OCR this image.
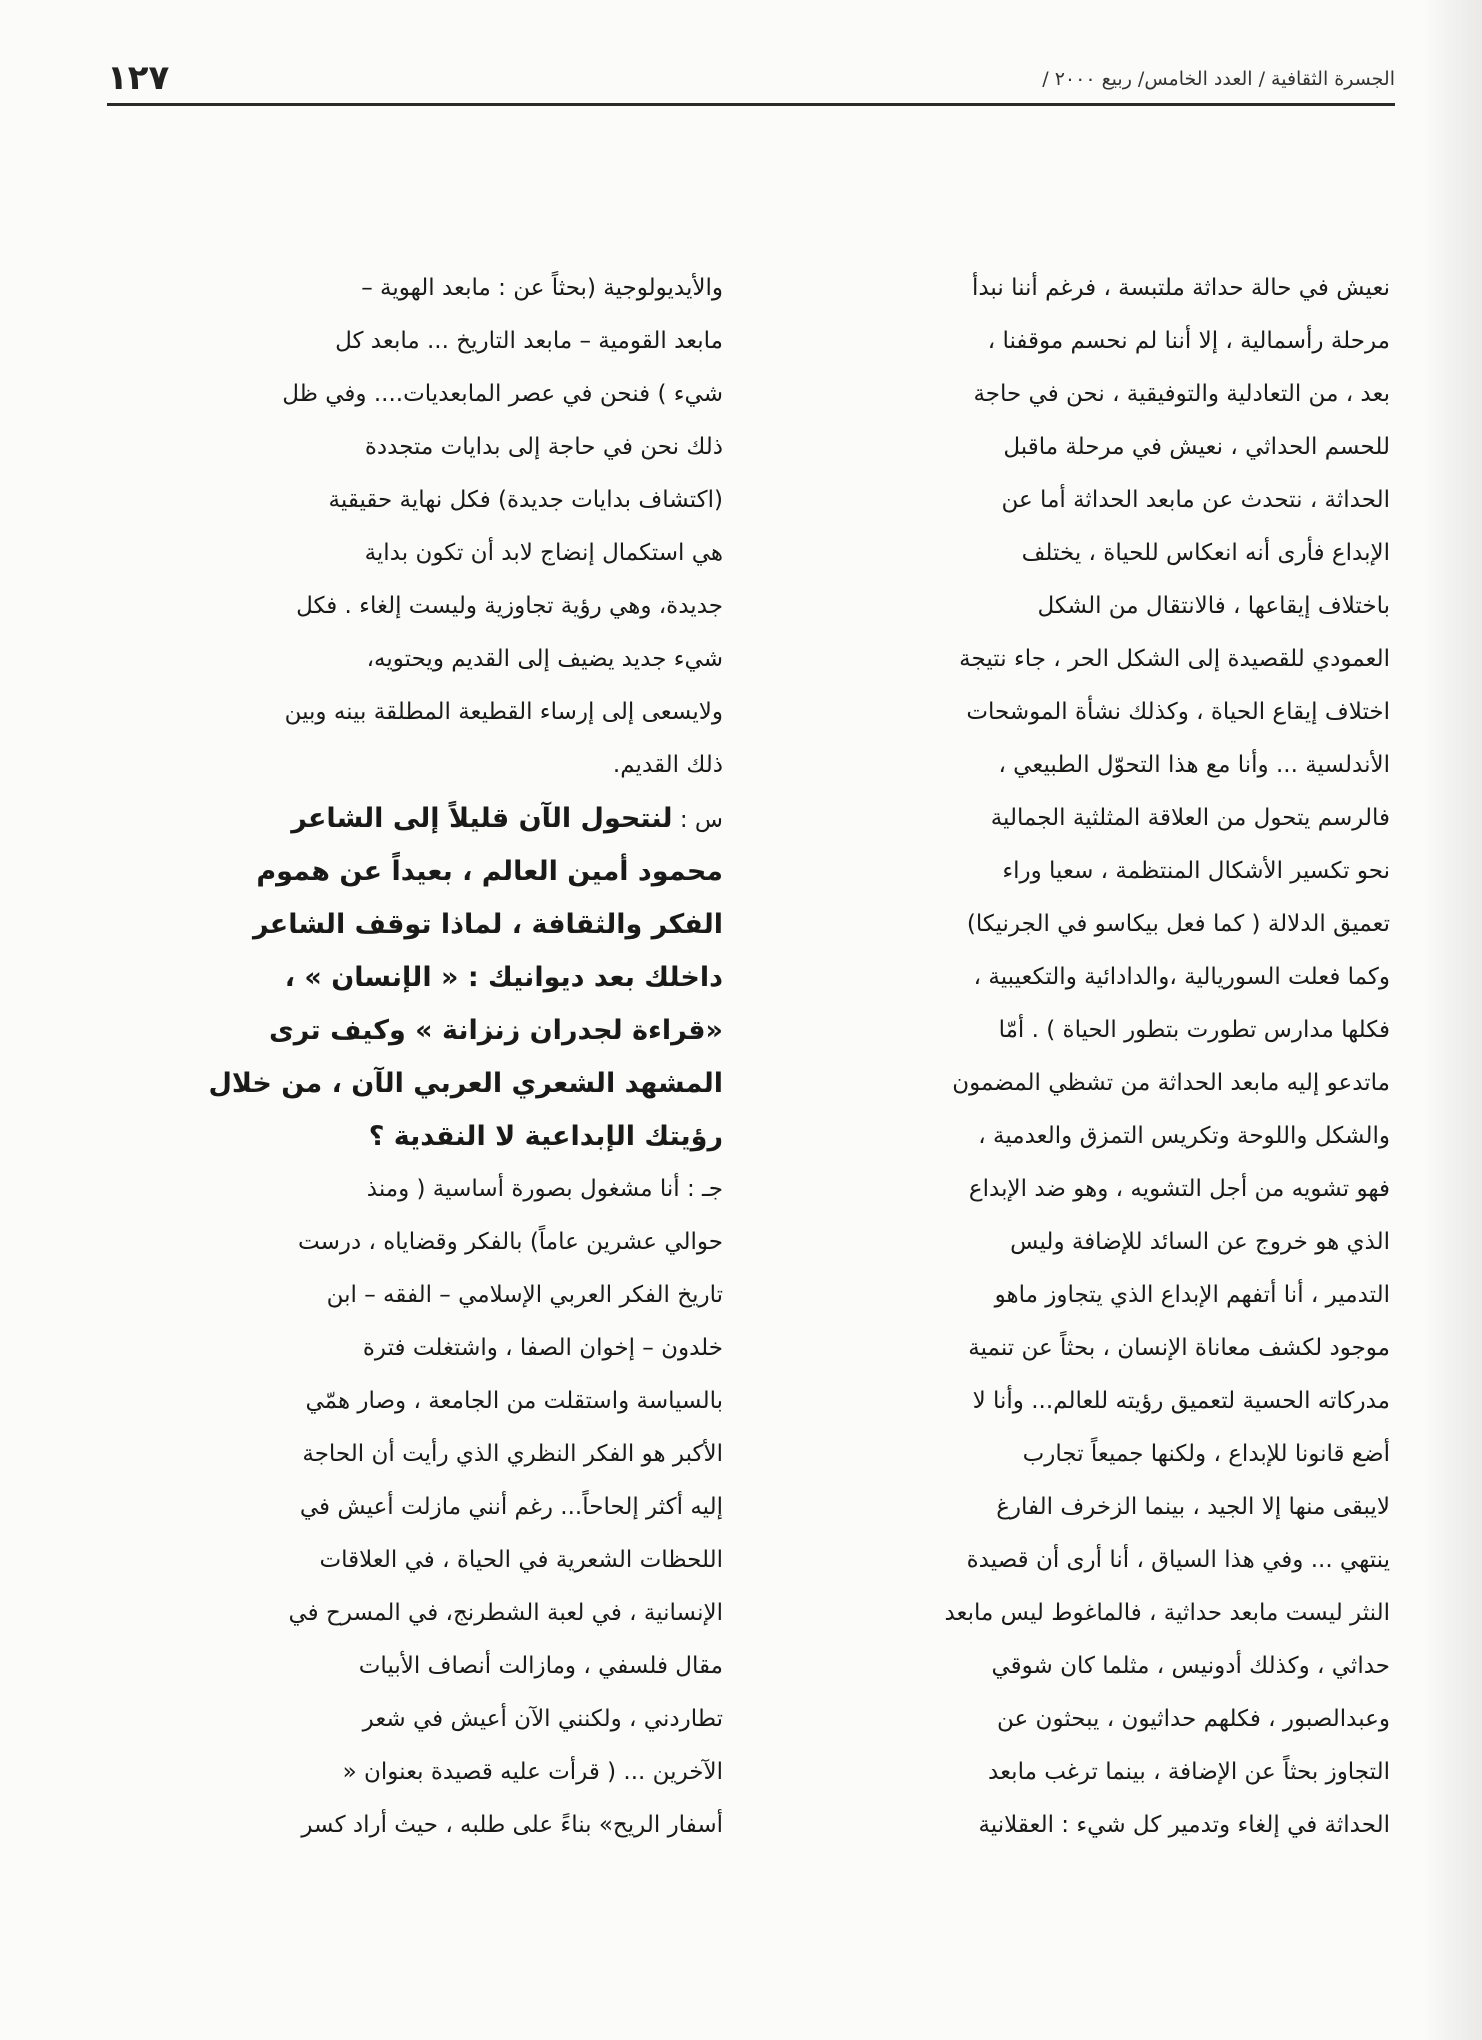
الجسرة الثقافية / العدد الخامس/ ربيع ٢٠٠٠ /
١٢٧
نعيش في حالة حداثة ملتبسة ، فرغم أننا نبدأ
مرحلة رأسمالية ، إلا أننا لم نحسم موقفنا ،
بعد ، من التعادلية والتوفيقية ، نحن في حاجة
للحسم الحداثي ، نعيش في مرحلة ماقبل
الحداثة ، نتحدث عن مابعد الحداثة أما عن
الإبداع فأرى أنه انعكاس للحياة ، يختلف
باختلاف إيقاعها ، فالانتقال من الشكل
العمودي للقصيدة إلى الشكل الحر ، جاء نتيجة
اختلاف إيقاع الحياة ، وكذلك نشأة الموشحات
الأندلسية ... وأنا مع هذا التحوّل الطبيعي ،
فالرسم يتحول من العلاقة المثلثية الجمالية
نحو تكسير الأشكال المنتظمة ، سعيا وراء
تعميق الدلالة ( كما فعل بيكاسو في الجرنيكا)
وكما فعلت السوريالية ،والدادائية والتكعيبية ،
فكلها مدارس تطورت بتطور الحياة ) . أمّا
ماتدعو إليه مابعد الحداثة من تشظي المضمون
والشكل واللوحة وتكريس التمزق والعدمية ،
فهو تشويه من أجل التشويه ، وهو ضد الإبداع
الذي هو خروج عن السائد للإضافة وليس
التدمير ، أنا أتفهم الإبداع الذي يتجاوز ماهو
موجود لكشف معاناة الإنسان ، بحثاً عن تنمية
مدركاته الحسية لتعميق رؤيته للعالم... وأنا لا
أضع قانونا للإبداع ، ولكنها جميعاً تجارب
لايبقى منها إلا الجيد ، بينما الزخرف الفارغ
ينتهي ... وفي هذا السياق ، أنا أرى أن قصيدة
النثر ليست مابعد حداثية ، فالماغوط ليس مابعد
حداثي ، وكذلك أدونيس ، مثلما كان شوقي
وعبدالصبور ، فكلهم حداثيون ، يبحثون عن
التجاوز بحثاً عن الإضافة ، بينما ترغب مابعد
الحداثة في إلغاء وتدمير كل شيء : العقلانية
والأيديولوجية (بحثاً عن : مابعد الهوية –
مابعد القومية – مابعد التاريخ ... مابعد كل
شيء ) فنحن في عصر المابعديات.... وفي ظل
ذلك نحن في حاجة إلى بدايات متجددة
(اكتشاف بدايات جديدة) فكل نهاية حقيقية
هي استكمال إنضاج لابد أن تكون بداية
جديدة، وهي رؤية تجاوزية وليست إلغاء . فكل
شيء جديد يضيف إلى القديم ويحتويه،
ولايسعى إلى إرساء القطيعة المطلقة بينه وبين
ذلك القديم.
س : لنتحول الآن قليلاً إلى الشاعر
محمود أمين العالم ، بعيداً عن هموم
الفكر والثقافة ، لماذا توقف الشاعر
داخلك بعد ديوانيك : « الإنسان » ،
«قراءة لجدران زنزانة » وكيف ترى
المشهد الشعري العربي الآن ، من خلال
رؤيتك الإبداعية لا النقدية ؟
جـ : أنا مشغول بصورة أساسية ( ومنذ
حوالي عشرين عاماً) بالفكر وقضاياه ، درست
تاريخ الفكر العربي الإسلامي – الفقه – ابن
خلدون – إخوان الصفا ، واشتغلت فترة
بالسياسة واستقلت من الجامعة ، وصار همّي
الأكبر هو الفكر النظري الذي رأيت أن الحاجة
إليه أكثر إلحاحاً... رغم أنني مازلت أعيش في
اللحظات الشعرية في الحياة ، في العلاقات
الإنسانية ، في لعبة الشطرنج، في المسرح في
مقال فلسفي ، ومازالت أنصاف الأبيات
تطاردني ، ولكنني الآن أعيش في شعر
الآخرين ... ( قرأت عليه قصيدة بعنوان «
أسفار الريح» بناءً على طلبه ، حيث أراد كسر
